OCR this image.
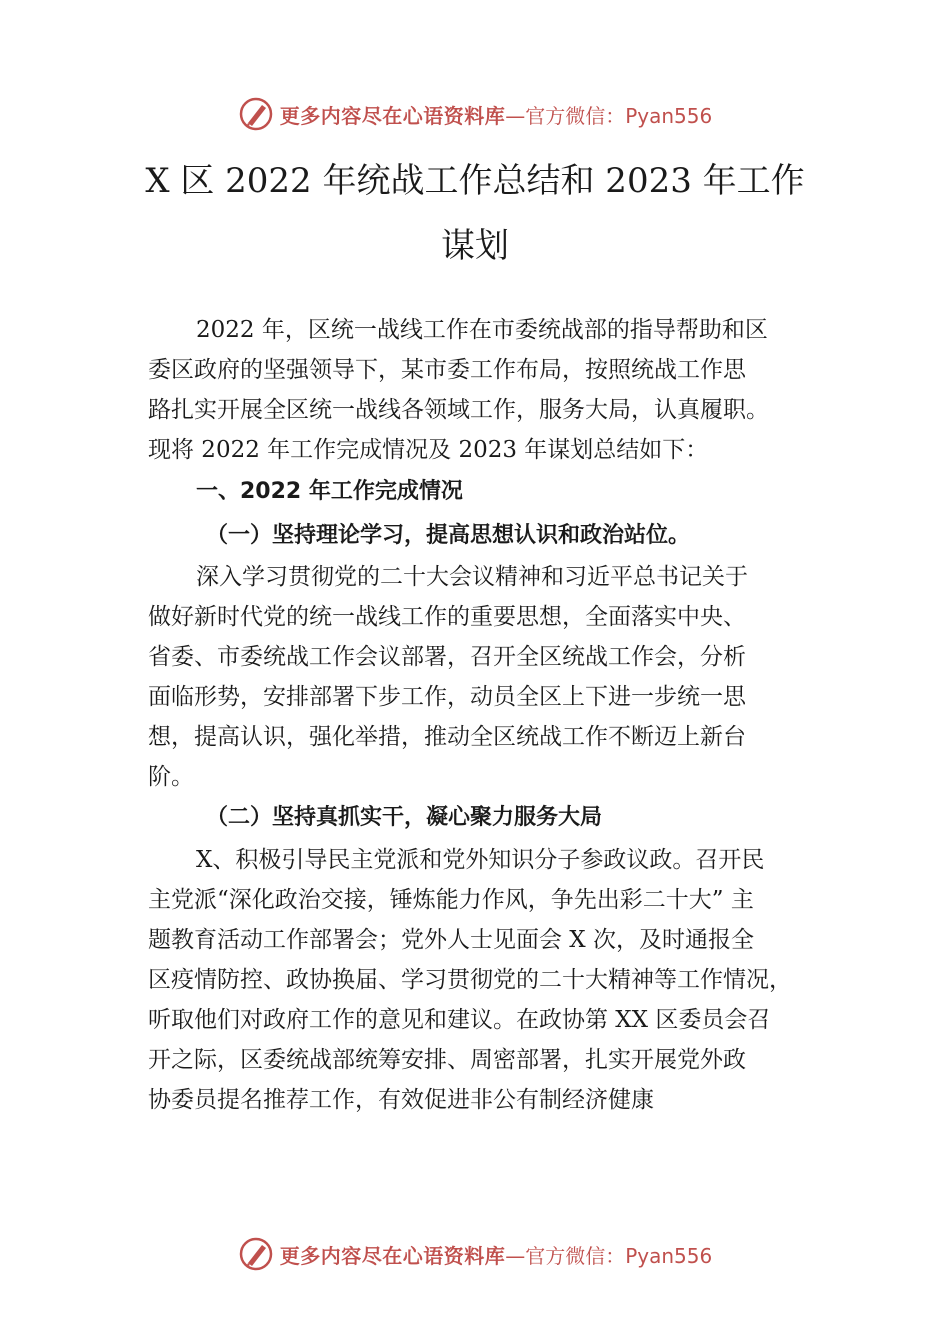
更多内容尽在心语资料库 —官方微信：Pyan556
X 区 2022 年统战工作总结和 2023 年工作
谋划
2022 年，区统一战线工作在市委统战部的指导帮助和区
委区政府的坚强领导下，某市委工作布局，按照统战工作思
路扎实开展全区统一战线各领域工作，服务大局，认真履职。
现将 2022 年工作完成情况及 2023 年谋划总结如下：
一、2022 年工作完成情况
（一）坚持理论学习，提高思想认识和政治站位。
深入学习贯彻党的二十大会议精神和习近平总书记关于
做好新时代党的统一战线工作的重要思想，全面落实中央、
省委、市委统战工作会议部署，召开全区统战工作会，分析
面临形势，安排部署下步工作，动员全区上下进一步统一思
想，提高认识，强化举措，推动全区统战工作不断迈上新台
阶。
（二）坚持真抓实干，凝心聚力服务大局
X、积极引导民主党派和党外知识分子参政议政。召开民
主党派“深化政治交接，锤炼能力作风，争先出彩二十大” 主
题教育活动工作部署会；党外人士见面会 X 次，及时通报全
区疫情防控、政协换届、学习贯彻党的二十大精神等工作情况，
听取他们对政府工作的意见和建议。在政协第 XX 区委员会召
开之际，区委统战部统筹安排、周密部署，扎实开展党外政
协委员提名推荐工作，有效促进非公有制经济健康
更多内容尽在心语资料库 —官方微信：Pyan556
